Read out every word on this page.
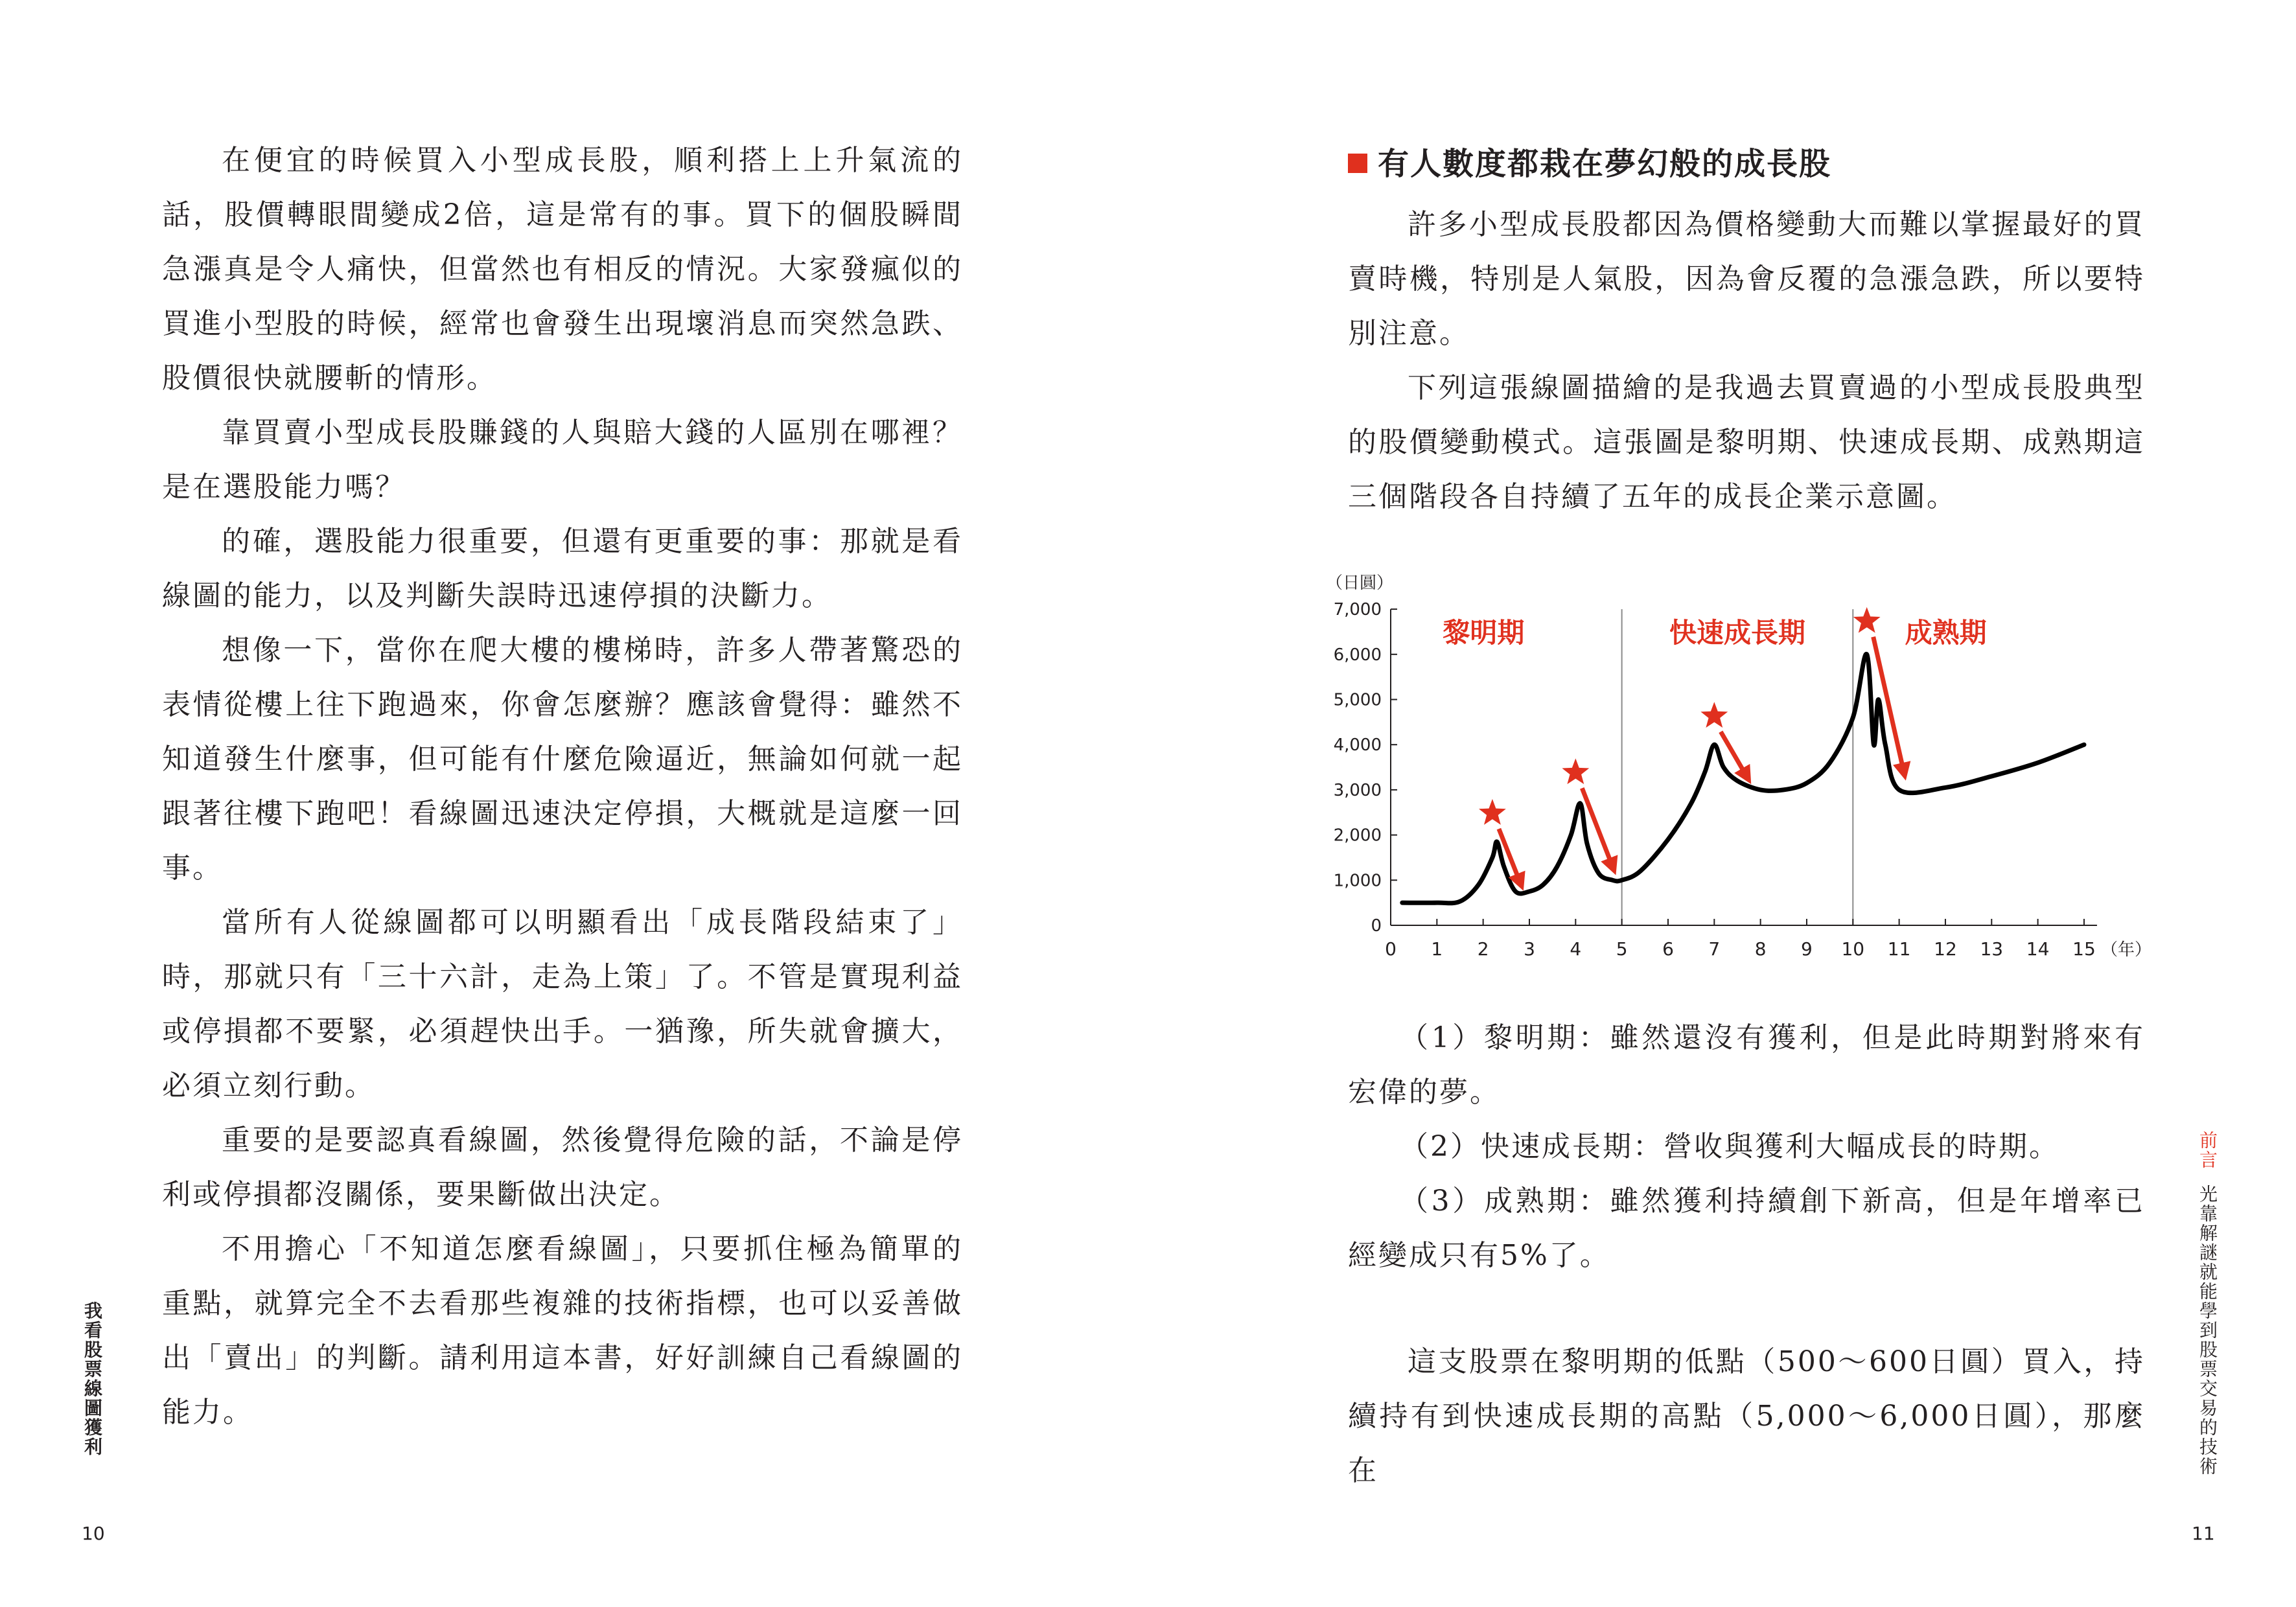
在便宜的時候買入小型成長股，順利搭上上升氣流的話，股價轉眼間變成2倍，這是常有的事。買下的個股瞬間急漲真是令人痛快，但當然也有相反的情況。大家發瘋似的買進小型股的時候，經常也會發生出現壞消息而突然急跌、股價很快就腰斬的情形。

靠買賣小型成長股賺錢的人與賠大錢的人區別在哪裡？是在選股能力嗎？

的確，選股能力很重要，但還有更重要的事：那就是看線圖的能力，以及判斷失誤時迅速停損的決斷力。

想像一下，當你在爬大樓的樓梯時，許多人帶著驚恐的表情從樓上往下跑過來，你會怎麼辦？應該會覺得：雖然不知道發生什麼事，但可能有什麼危險逼近，無論如何就一起跟著往樓下跑吧！看線圖迅速決定停損，大概就是這麼一回事。

當所有人從線圖都可以明顯看出「成長階段結束了」時，那就只有「三十六計，走為上策」了。不管是實現利益或停損都不要緊，必須趕快出手。一猶豫，所失就會擴大，必須立刻行動。

重要的是要認真看線圖，然後覺得危險的話，不論是停利或停損都沒關係，要果斷做出決定。

不用擔心「不知道怎麼看線圖」，只要抓住極為簡單的重點，就算完全不去看那些複雜的技術指標，也可以妥善做出「賣出」的判斷。請利用這本書，好好訓練自己看線圖的能力。

我看股票線圖獲利
10
有人數度都栽在夢幻般的成長股

許多小型成長股都因為價格變動大而難以掌握最好的買賣時機，特別是人氣股，因為會反覆的急漲急跌，所以要特別注意。

下列這張線圖描繪的是我過去買賣過的小型成長股典型的股價變動模式。這張圖是黎明期、快速成長期、成熟期這三個階段各自持續了五年的成長企業示意圖。

（日圓）
0
1,000
2,000
3,000
4,000
5,000
6,000
7,000
0 1 2 3 4 5 6 7 8 9 10 11 12 13 14 15 （年）
黎明期	快速成長期	成熟期

（1）黎明期：雖然還沒有獲利，但是此時期對將來有宏偉的夢。

（2）快速成長期：營收與獲利大幅成長的時期。

（3）成熟期：雖然獲利持續創下新高，但是年增率已經變成只有5%了。

這支股票在黎明期的低點（500～600日圓）買入，持續持有到快速成長期的高點（5,000～6,000日圓），那麼在

前言
光靠解謎就能學到股票交易的技術
11
